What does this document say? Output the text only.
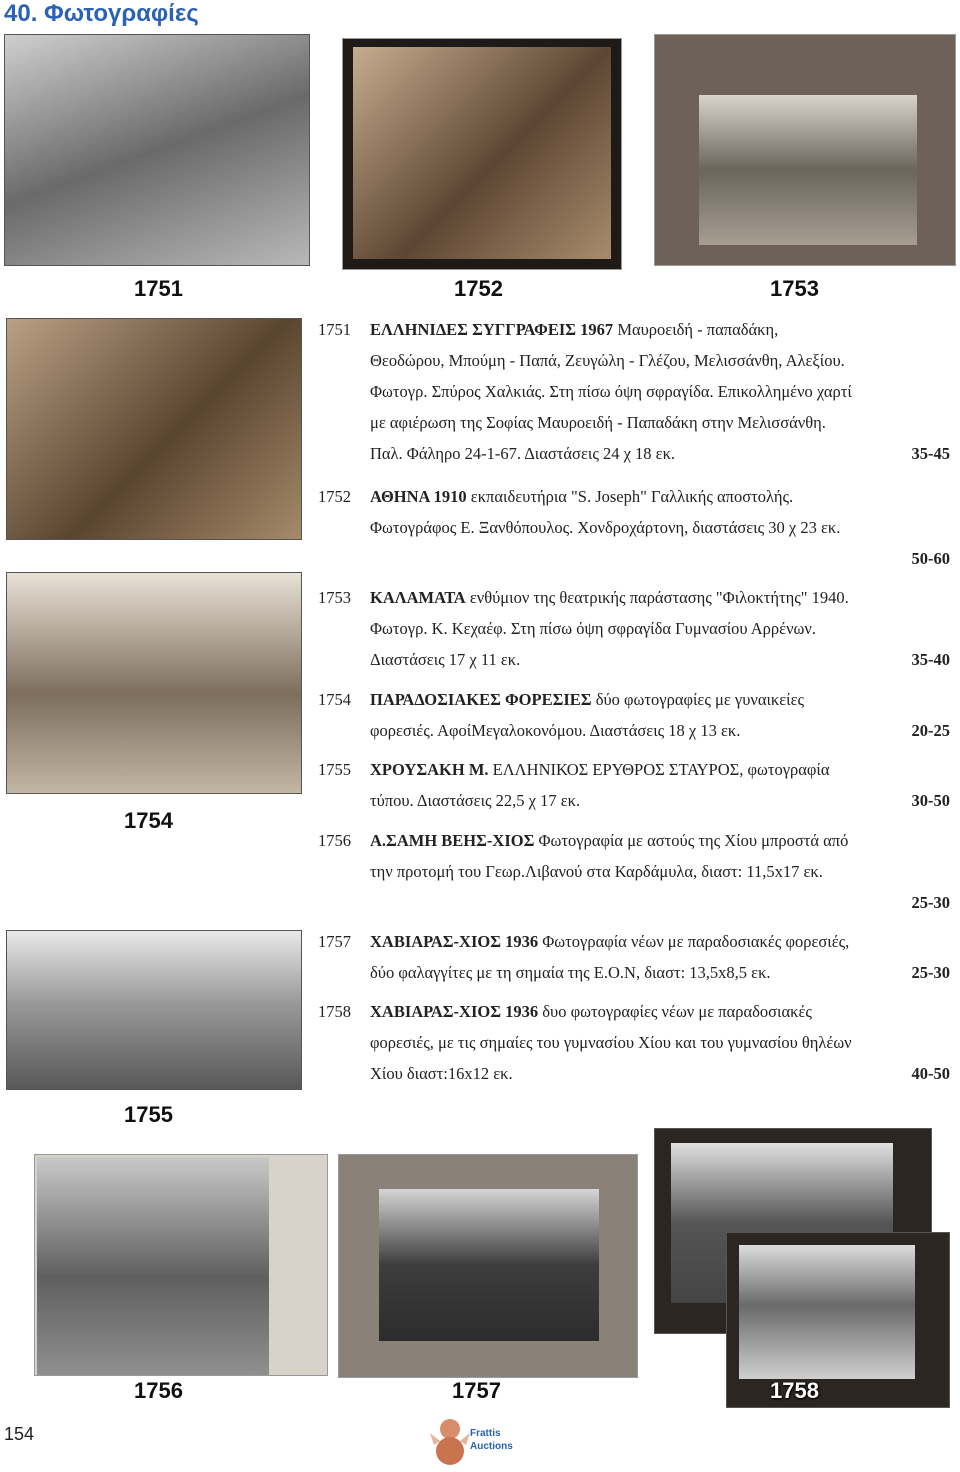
40. Φωτογραφίες
1751	1752	1753
1754
1755
1751 ΕΛΛΗΝΙΔΕΣ ΣΥΓΓΡΑΦΕΙΣ 1967 Μαυροειδή - παπαδάκη,
Θεοδώρου, Μπούμη - Παπά, Ζευγώλη - Γλέζου, Μελισσάνθη, Αλεξίου.
Φωτογρ. Σπύρος Χαλκιάς. Στη πίσω όψη σφραγίδα. Επικολλημένο χαρτί
με αφιέρωση της Σοφίας Μαυροειδή - Παπαδάκη στην Μελισσάνθη.
Παλ. Φάληρο 24-1-67. Διαστάσεις 24 χ 18 εκ.	35-45
1752 ΑΘΗΝΑ 1910 εκπαιδευτήρια "S. Joseph" Γαλλικής αποστολής.
Φωτογράφος Ε. Ξανθόπουλος. Χονδροχάρτονη, διαστάσεις 30 χ 23 εκ.

50-60
1753 ΚΑΛΑΜΑΤΑ ενθύμιον της θεατρικής παράστασης "Φιλοκτήτης" 1940.
Φωτογρ. Κ. Κεχαέφ. Στη πίσω όψη σφραγίδα Γυμνασίου Αρρένων.
Διαστάσεις 17 χ 11 εκ.	35-40
1754 ΠΑΡΑΔΟΣΙΑΚΕΣ ΦΟΡΕΣΙΕΣ δύο φωτογραφίες με γυναικείες
φορεσιές. ΑφοίΜεγαλοκονόμου. Διαστάσεις 18 χ 13 εκ.	20-25
1755 ΧΡΟΥΣΑΚΗ Μ. ΕΛΛΗΝΙΚΟΣ ΕΡΥΘΡΟΣ ΣΤΑΥΡΟΣ, φωτογραφία
τύπου. Διαστάσεις 22,5 χ 17 εκ.	30-50
1756 Α.ΣΑΜΗ ΒΕΗΣ-ΧΙΟΣ Φωτογραφία με αστούς της Χίου μπροστά από
την προτομή του Γεωρ.Λιβανού στα Καρδάμυλα, διαστ: 11,5x17 εκ.

25-30
1757 ΧΑΒΙΑΡΑΣ-ΧΙΟΣ 1936 Φωτογραφία νέων με παραδοσιακές φορεσιές,
δύο φαλαγγίτες με τη σημαία της Ε.Ο.Ν, διαστ: 13,5x8,5 εκ.	25-30
1758 ΧΑΒΙΑΡΑΣ-ΧΙΟΣ 1936 δυο φωτογραφίες νέων με παραδοσιακές
φορεσιές, με τις σημαίες του γυμνασίου Χίου και του γυμνασίου θηλέων
Χίου διαστ:16x12 εκ.	40-50
1756	1757	1758
154	Frattis
Auctions
